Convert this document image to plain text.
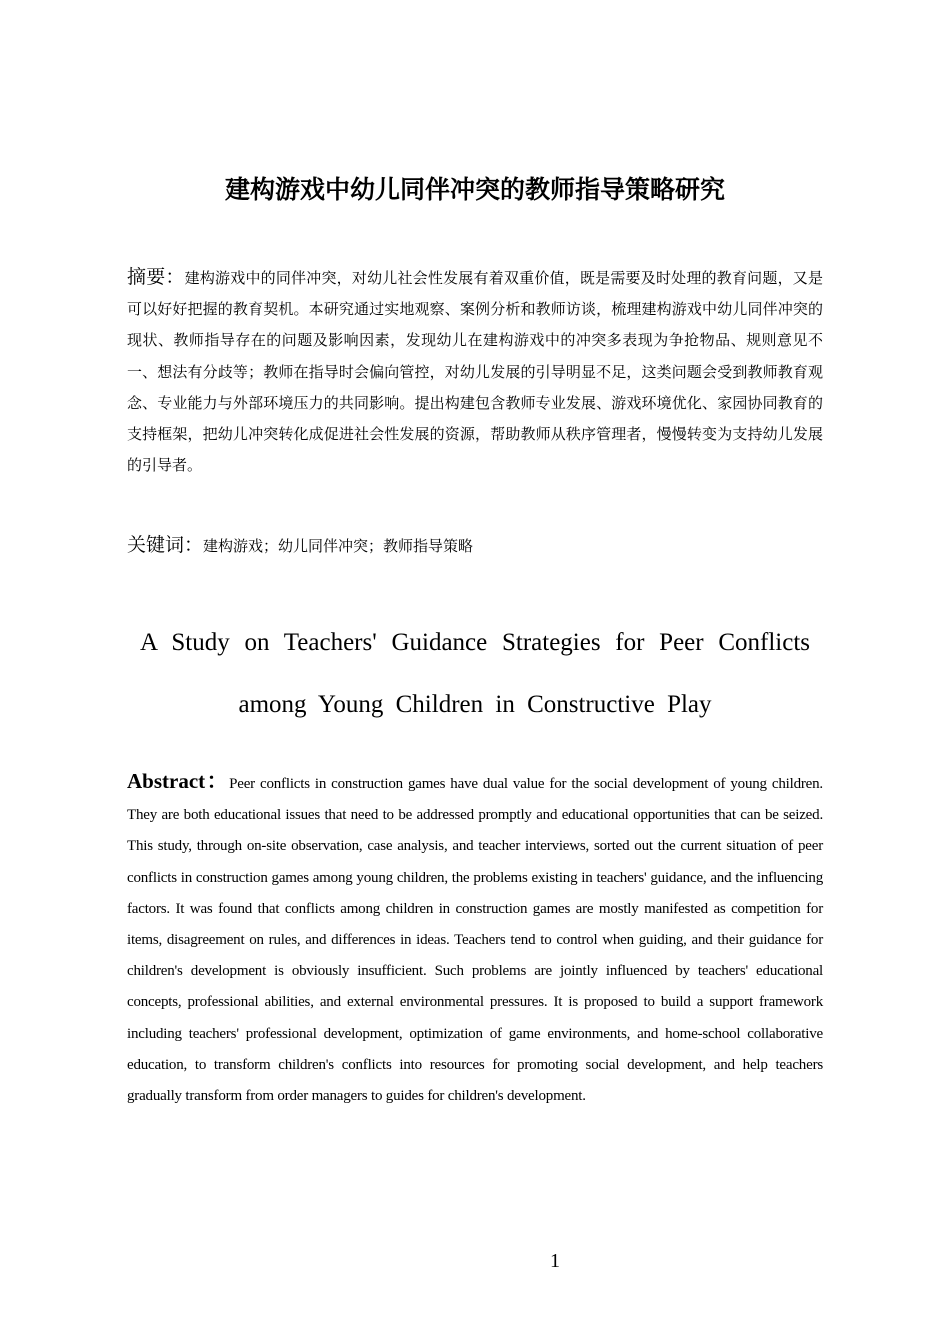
建构游戏中幼儿同伴冲突的教师指导策略研究
摘要：建构游戏中的同伴冲突，对幼儿社会性发展有着双重价值，既是需要及时处理的教育问题，又是可以好好把握的教育契机。本研究通过实地观察、案例分析和教师访谈，梳理建构游戏中幼儿同伴冲突的现状、教师指导存在的问题及影响因素，发现幼儿在建构游戏中的冲突多表现为争抢物品、规则意见不一、想法有分歧等；教师在指导时会偏向管控，对幼儿发展的引导明显不足，这类问题会受到教师教育观念、专业能力与外部环境压力的共同影响。提出构建包含教师专业发展、游戏环境优化、家园协同教育的支持框架，把幼儿冲突转化成促进社会性发展的资源，帮助教师从秩序管理者，慢慢转变为支持幼儿发展的引导者。
关键词：建构游戏；幼儿同伴冲突；教师指导策略
A Study on Teachers' Guidance Strategies for Peer Conflicts among Young Children in Constructive Play
Abstract：Peer conflicts in construction games have dual value for the social development of young children. They are both educational issues that need to be addressed promptly and educational opportunities that can be seized. This study, through on-site observation, case analysis, and teacher interviews, sorted out the current situation of peer conflicts in construction games among young children, the problems existing in teachers' guidance, and the influencing factors. It was found that conflicts among children in construction games are mostly manifested as competition for items, disagreement on rules, and differences in ideas. Teachers tend to control when guiding, and their guidance for children's development is obviously insufficient. Such problems are jointly influenced by teachers' educational concepts, professional abilities, and external environmental pressures. It is proposed to build a support framework including teachers' professional development, optimization of game environments, and home-school collaborative education, to transform children's conflicts into resources for promoting social development, and help teachers gradually transform from order managers to guides for children's development.
1
